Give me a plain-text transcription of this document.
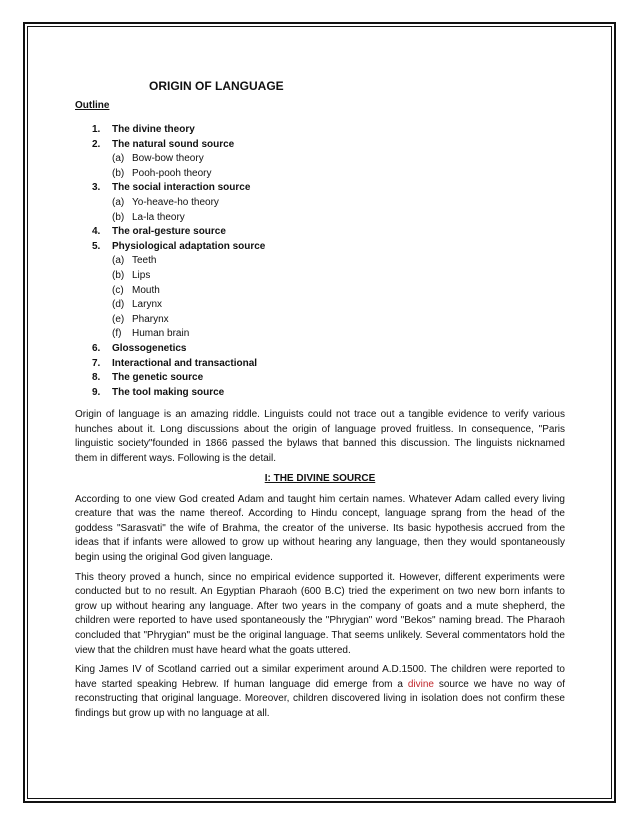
ORIGIN OF LANGUAGE
Outline
1. The divine theory
2. The natural sound source
(a) Bow-bow theory
(b) Pooh-pooh theory
3. The social interaction source
(a) Yo-heave-ho theory
(b) La-la theory
4. The oral-gesture source
5. Physiological adaptation source
(a) Teeth
(b) Lips
(c) Mouth
(d) Larynx
(e) Pharynx
(f) Human brain
6. Glossogenetics
7. Interactional and transactional
8. The genetic source
9. The tool making source

Origin of language is an amazing riddle. Linguists could not trace out a tangible evidence to verify various hunches about it. Long discussions about the origin of language proved fruitless. In consequence, "Paris linguistic society"founded in 1866 passed the bylaws that banned this discussion. The linguists nicknamed them in different ways. Following is the detail.

I: THE DIVINE SOURCE

According to one view God created Adam and taught him certain names. Whatever Adam called every living creature that was the name thereof. According to Hindu concept, language sprang from the head of the goddess "Sarasvati" the wife of Brahma, the creator of the universe. Its basic hypothesis accrued from the ideas that if infants were allowed to grow up without hearing any language, then they would spontaneously begin using the original God given language.

This theory proved a hunch, since no empirical evidence supported it. However, different experiments were conducted but to no result. An Egyptian Pharaoh (600 B.C) tried the experiment on two new born infants to grow up without hearing any language. After two years in the company of goats and a mute shepherd, the children were reported to have used spontaneously the "Phrygian" word "Bekos" naming bread. The Pharaoh concluded that "Phrygian" must be the original language. That seems unlikely. Several commentators hold the view that the children must have heard what the goats uttered.

King James IV of Scotland carried out a similar experiment around A.D.1500. The children were reported to have started speaking Hebrew. If human language did emerge from a divine source we have no way of reconstructing that original language. Moreover, children discovered living in isolation does not confirm these findings but grow up with no language at all.
